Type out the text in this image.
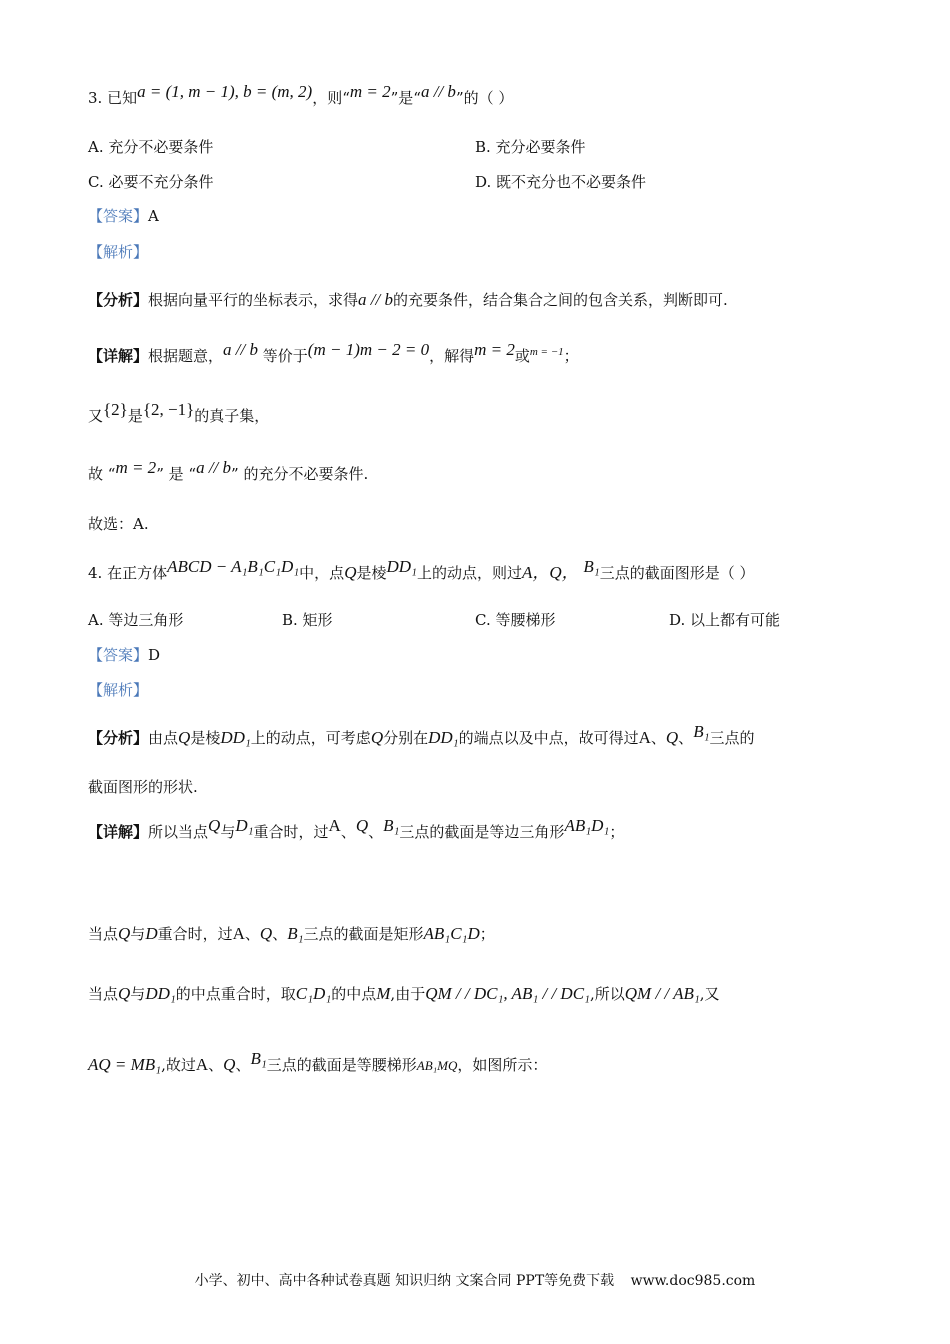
3. 已知a = (1, m − 1), b = (m, 2)，则“m = 2”是“a // b”的（ ）
A. 充分不必要条件	B. 充分必要条件
C. 必要不充分条件	D. 既不充分也不必要条件
【答案】A
【解析】
【分析】根据向量平行的坐标表示，求得a // b的充要条件，结合集合之间的包含关系，判断即可.
【详解】根据题意，a // b 等价于(m − 1)m − 2 = 0，解得m = 2或$^{m = -1}$；
又{2}是{2, −1}的真子集，
故 “m = 2” 是 “a // b” 的充分不必要条件.
故选：A.
4. 在正方体ABCD − A₁B₁C₁D₁中，点Q是棱DD₁上的动点，则过A，Q， B₁三点的截面图形是（ ）
A. 等边三角形	B. 矩形	C. 等腰梯形	D. 以上都有可能
【答案】D
【解析】
【分析】由点Q是棱DD₁上的动点，可考虑Q分别在DD₁的端点以及中点，故可得过A、Q、B₁三点的
截面图形的形状.
【详解】所以当点Q与D₁重合时，过A、Q、B₁三点的截面是等边三角形AB₁D₁；
当点Q与D重合时，过A、Q、B₁三点的截面是矩形AB₁C₁D；
当点Q与DD₁的中点重合时，取C₁D₁的中点M,由于QM / / DC₁, AB₁ / / DC₁,所以QM / / AB₁,又
AQ = MB₁,故过A、Q、B₁三点的截面是等腰梯形AB₁MQ，如图所示：
小学、初中、高中各种试卷真题 知识归纳 文案合同 PPT等免费下载 www.doc985.com
